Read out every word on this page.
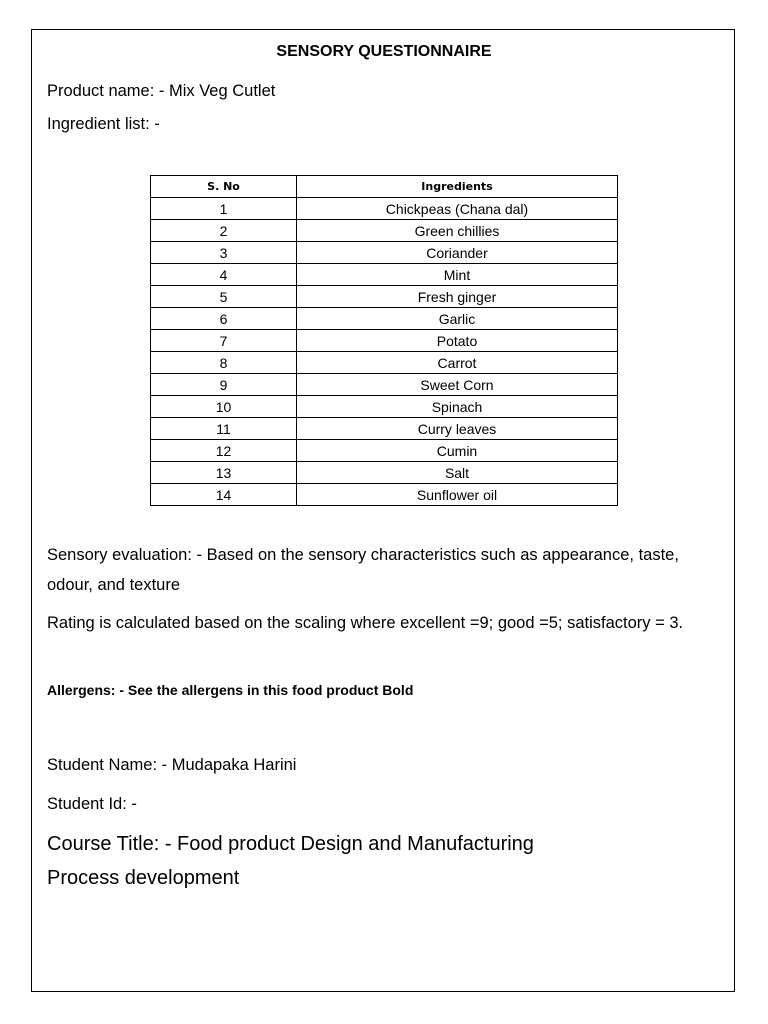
SENSORY QUESTIONNAIRE

Product name: - Mix Veg Cutlet

Ingredient list: -

S. No	Ingredients
1	Chickpeas (Chana dal)
2	Green chillies
3	Coriander
4	Mint
5	Fresh ginger
6	Garlic
7	Potato
8	Carrot
9	Sweet Corn
10	Spinach
11	Curry leaves
12	Cumin
13	Salt
14	Sunflower oil

Sensory evaluation: - Based on the sensory characteristics such as appearance, taste, odour, and texture

Rating is calculated based on the scaling where excellent =9; good =5; satisfactory = 3.

Allergens: - See the allergens in this food product Bold

Student Name: - Mudapaka Harini

Student Id: -

Course Title: - Food product Design and Manufacturing

Process development
